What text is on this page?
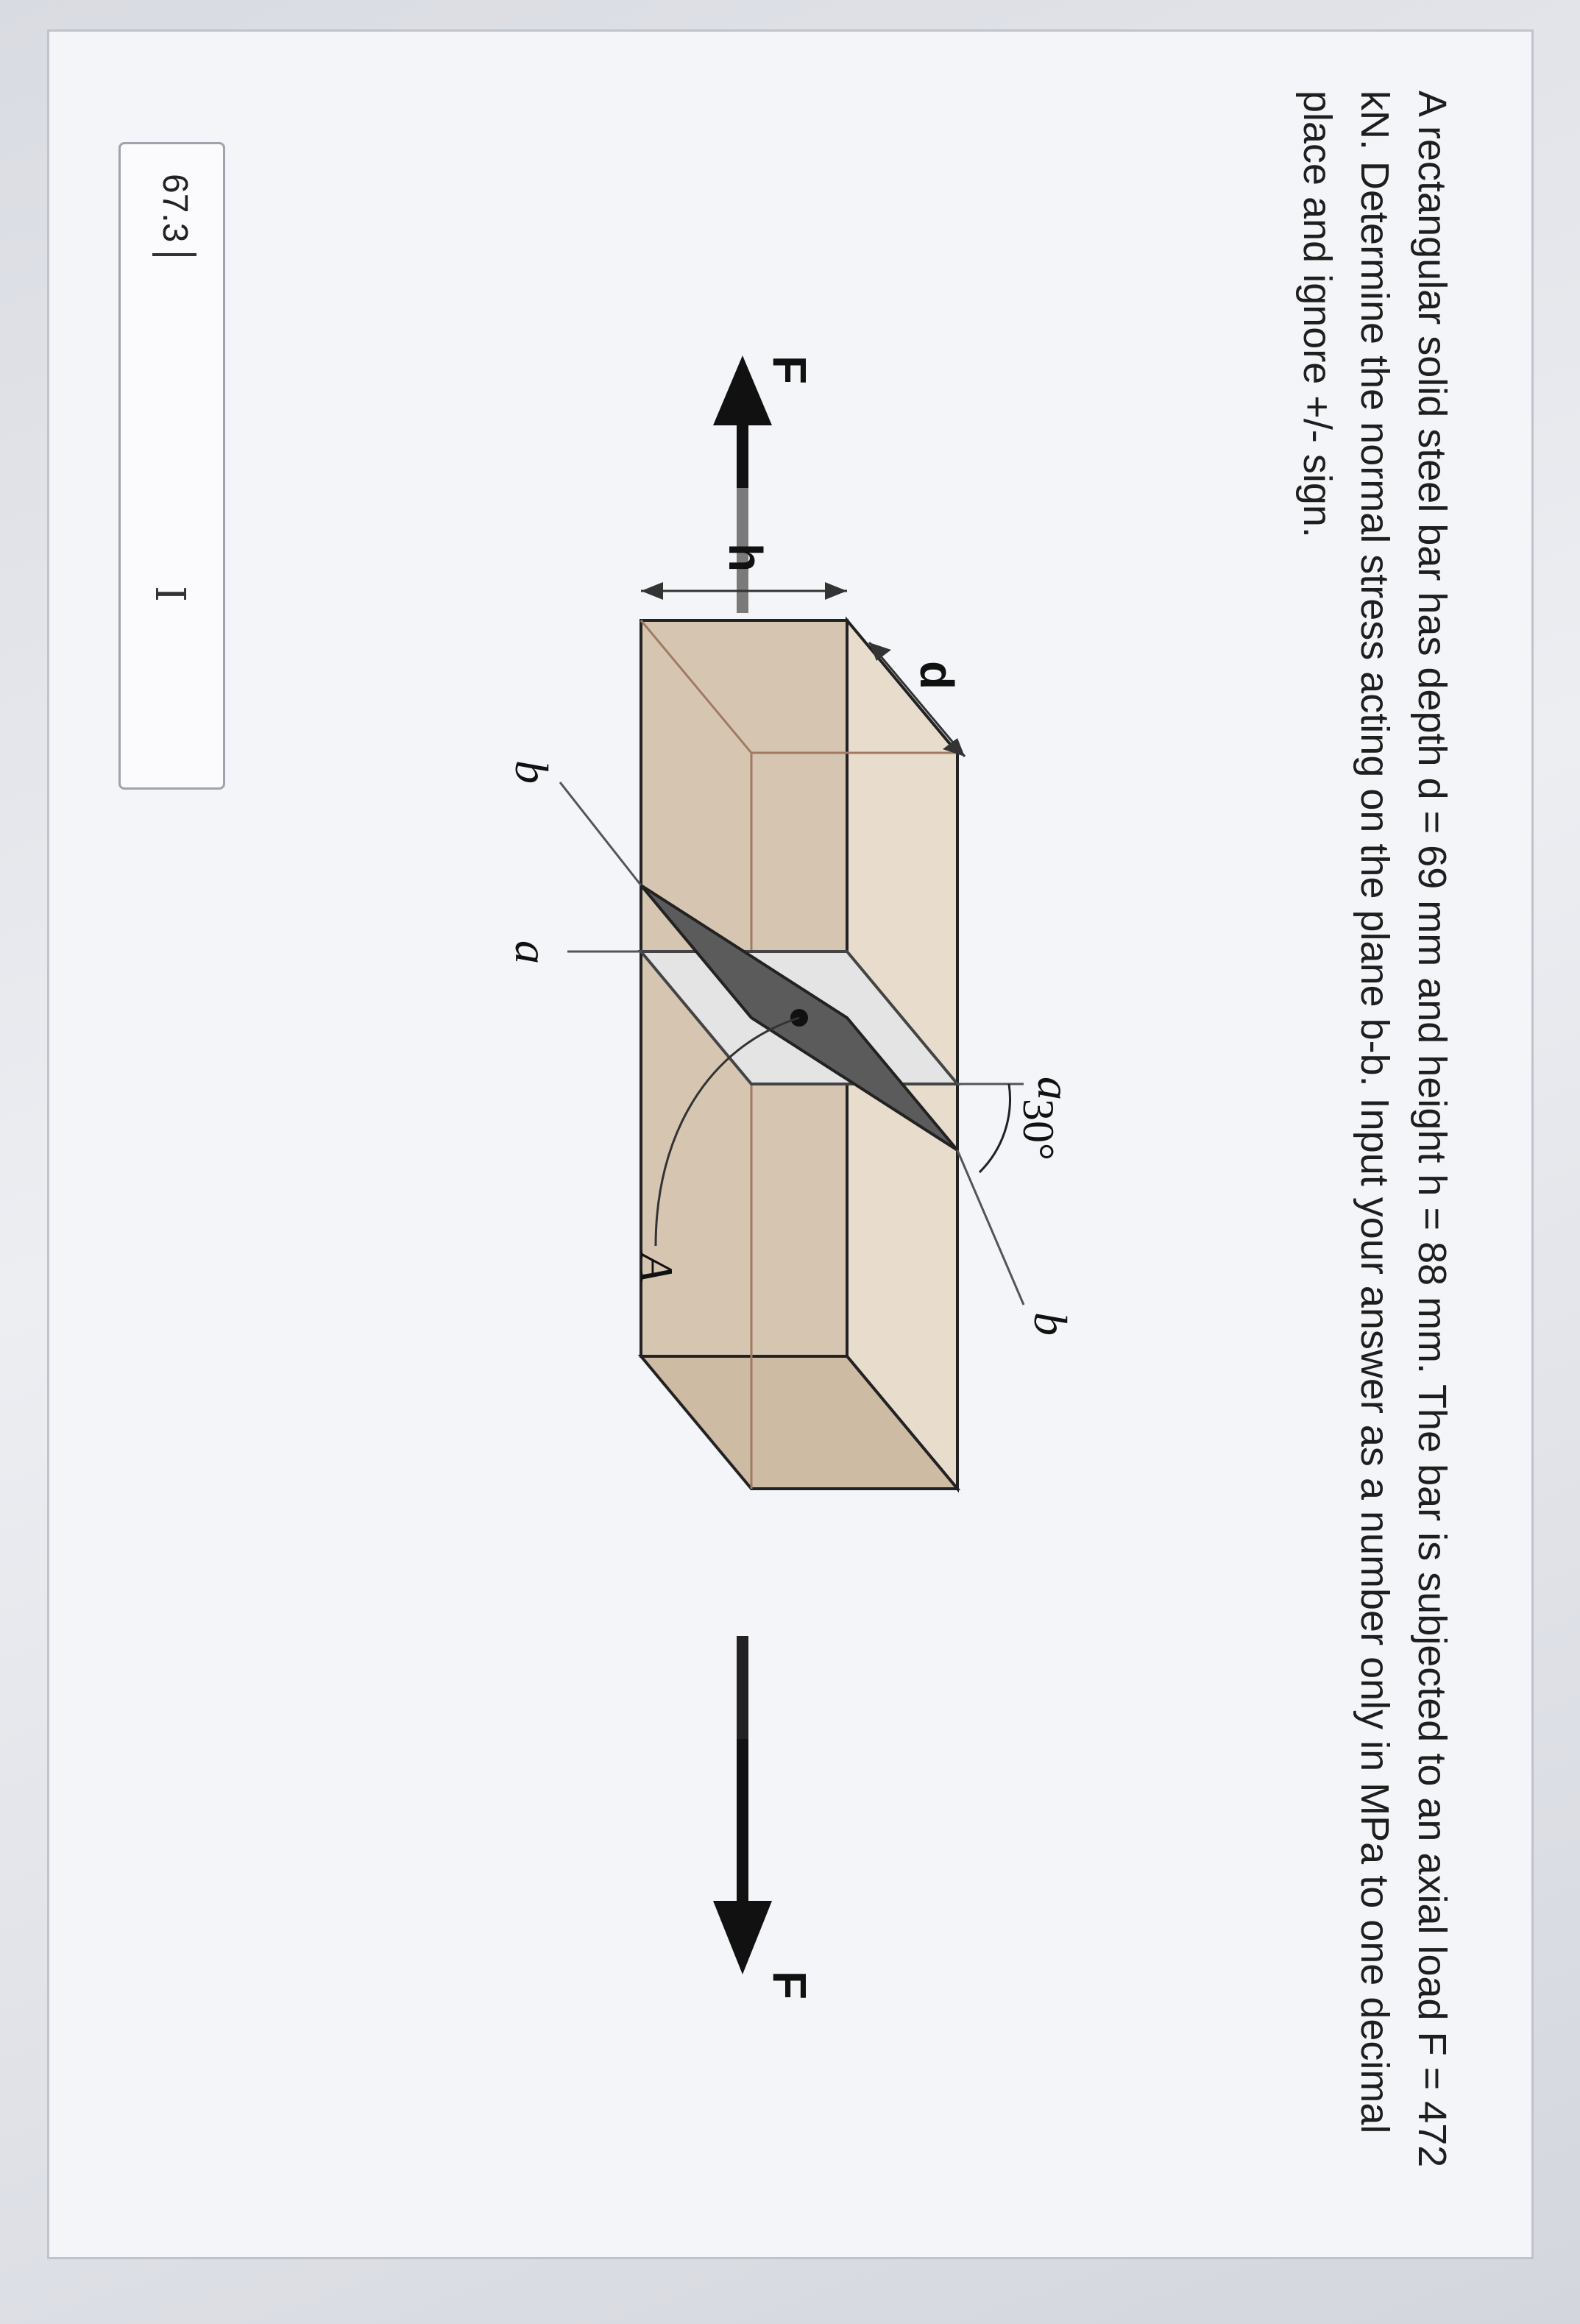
A rectangular solid steel bar has depth d = 69 mm and height h = 88 mm. The bar is subjected to an axial load F = 472 kN. Determine the normal stress acting on the plane b-b. Input your answer as a number only in MPa to one decimal place and ignore +/- sign.

F
F
a
a
b
b
30°
A
h
d
67.3
I
